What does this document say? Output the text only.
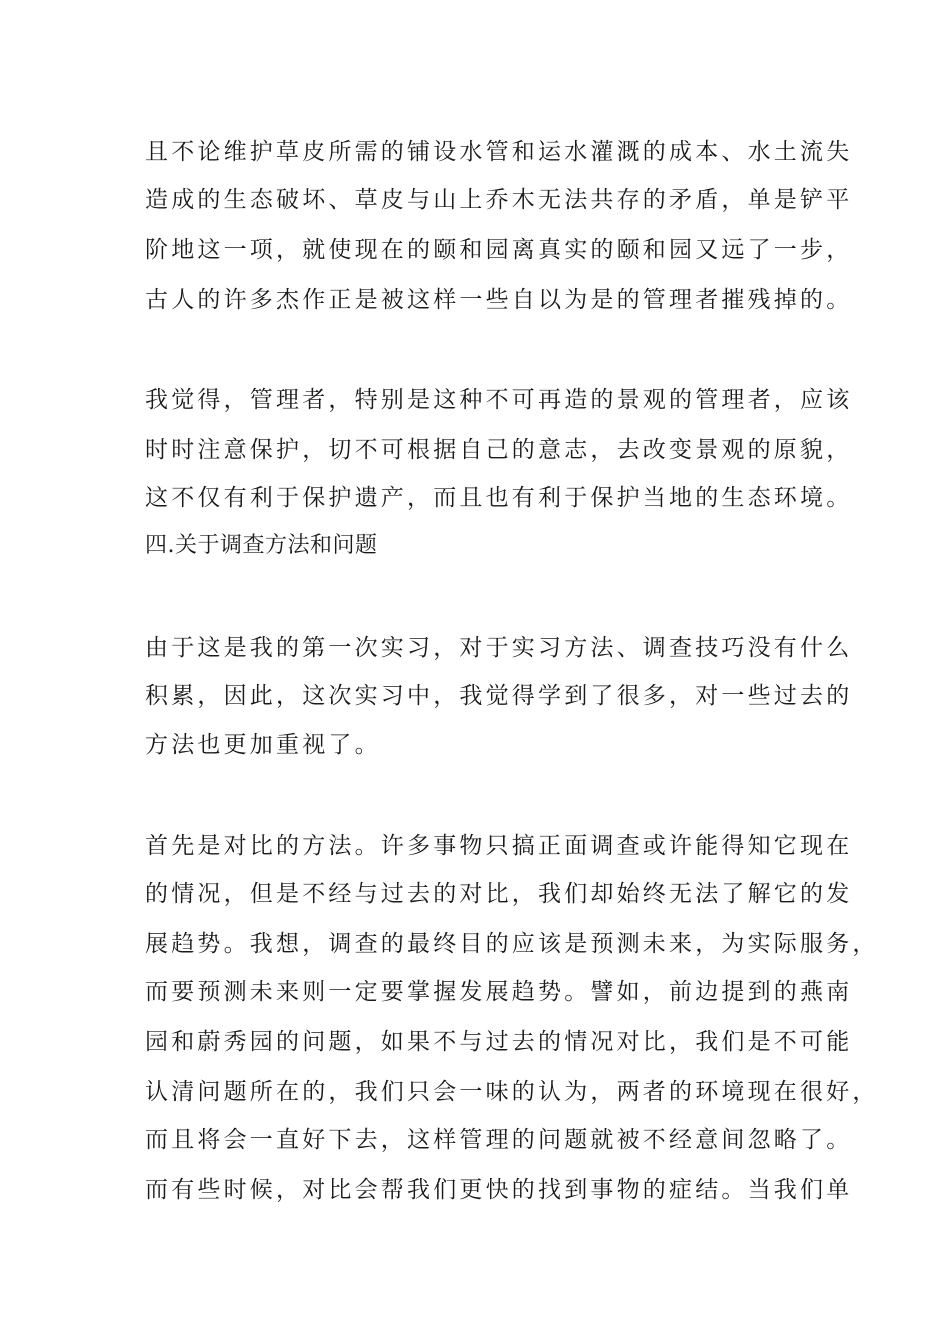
且不论维护草皮所需的铺设水管和运水灌溉的成本、水土流失
造成的生态破坏、草皮与山上乔木无法共存的矛盾，单是铲平
阶地这一项，就使现在的颐和园离真实的颐和园又远了一步，
古人的许多杰作正是被这样一些自以为是的管理者摧残掉的。
我觉得，管理者，特别是这种不可再造的景观的管理者，应该
时时注意保护，切不可根据自己的意志，去改变景观的原貌，
这不仅有利于保护遗产，而且也有利于保护当地的生态环境。
四.关于调查方法和问题
由于这是我的第一次实习，对于实习方法、调查技巧没有什么
积累，因此，这次实习中，我觉得学到了很多，对一些过去的
方法也更加重视了。
首先是对比的方法。许多事物只搞正面调查或许能得知它现在
的情况，但是不经与过去的对比，我们却始终无法了解它的发
展趋势。我想，调查的最终目的应该是预测未来，为实际服务，
而要预测未来则一定要掌握发展趋势。譬如，前边提到的燕南
园和蔚秀园的问题，如果不与过去的情况对比，我们是不可能
认清问题所在的，我们只会一味的认为，两者的环境现在很好，
而且将会一直好下去，这样管理的问题就被不经意间忽略了。
而有些时候，对比会帮我们更快的找到事物的症结。当我们单
